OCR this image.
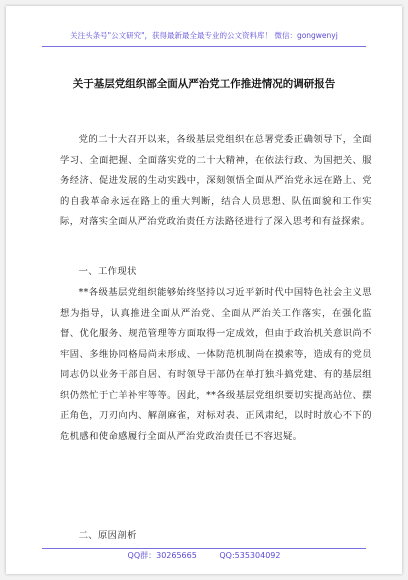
关注头条号"公文研究"，获得最新最全最专业的公文资料库！ 微信：gongwenyj
关于基层党组织部全面从严治党工作推进情况的调研报告

党的二十大召开以来，各级基层党组织在总署党委正确领导下，全面学习、全面把握、全面落实党的二十大精神，在依法行政、为国把关、服务经济、促进发展的生动实践中，深刻领悟全面从严治党永远在路上、党的自我革命永远在路上的重大判断，结合人员思想、队伍面貌和工作实际，对落实全面从严治党政治责任方法路径进行了深入思考和有益探索。

一、工作现状

**各级基层党组织能够始终坚持以习近平新时代中国特色社会主义思想为指导，认真推进全面从严治党、全面从严治关工作落实，在强化监督、优化服务、规范管理等方面取得一定成效，但由于政治机关意识尚不牢固、多维协同格局尚未形成、一体防范机制尚在摸索等，造成有的党员同志仍以业务干部自居、有时领导干部仍在单打独斗搞党建、有的基层组织仍然忙于亡羊补牢等等。因此，**各级基层党组织要切实提高站位、摆正角色，刀刃向内、解剖麻雀，对标对表、正风肃纪，以时时放心不下的危机感和使命感履行全面从严治党政治责任已不容迟疑。

二、原因剖析

QQ群：30265665	QQ:535304092
